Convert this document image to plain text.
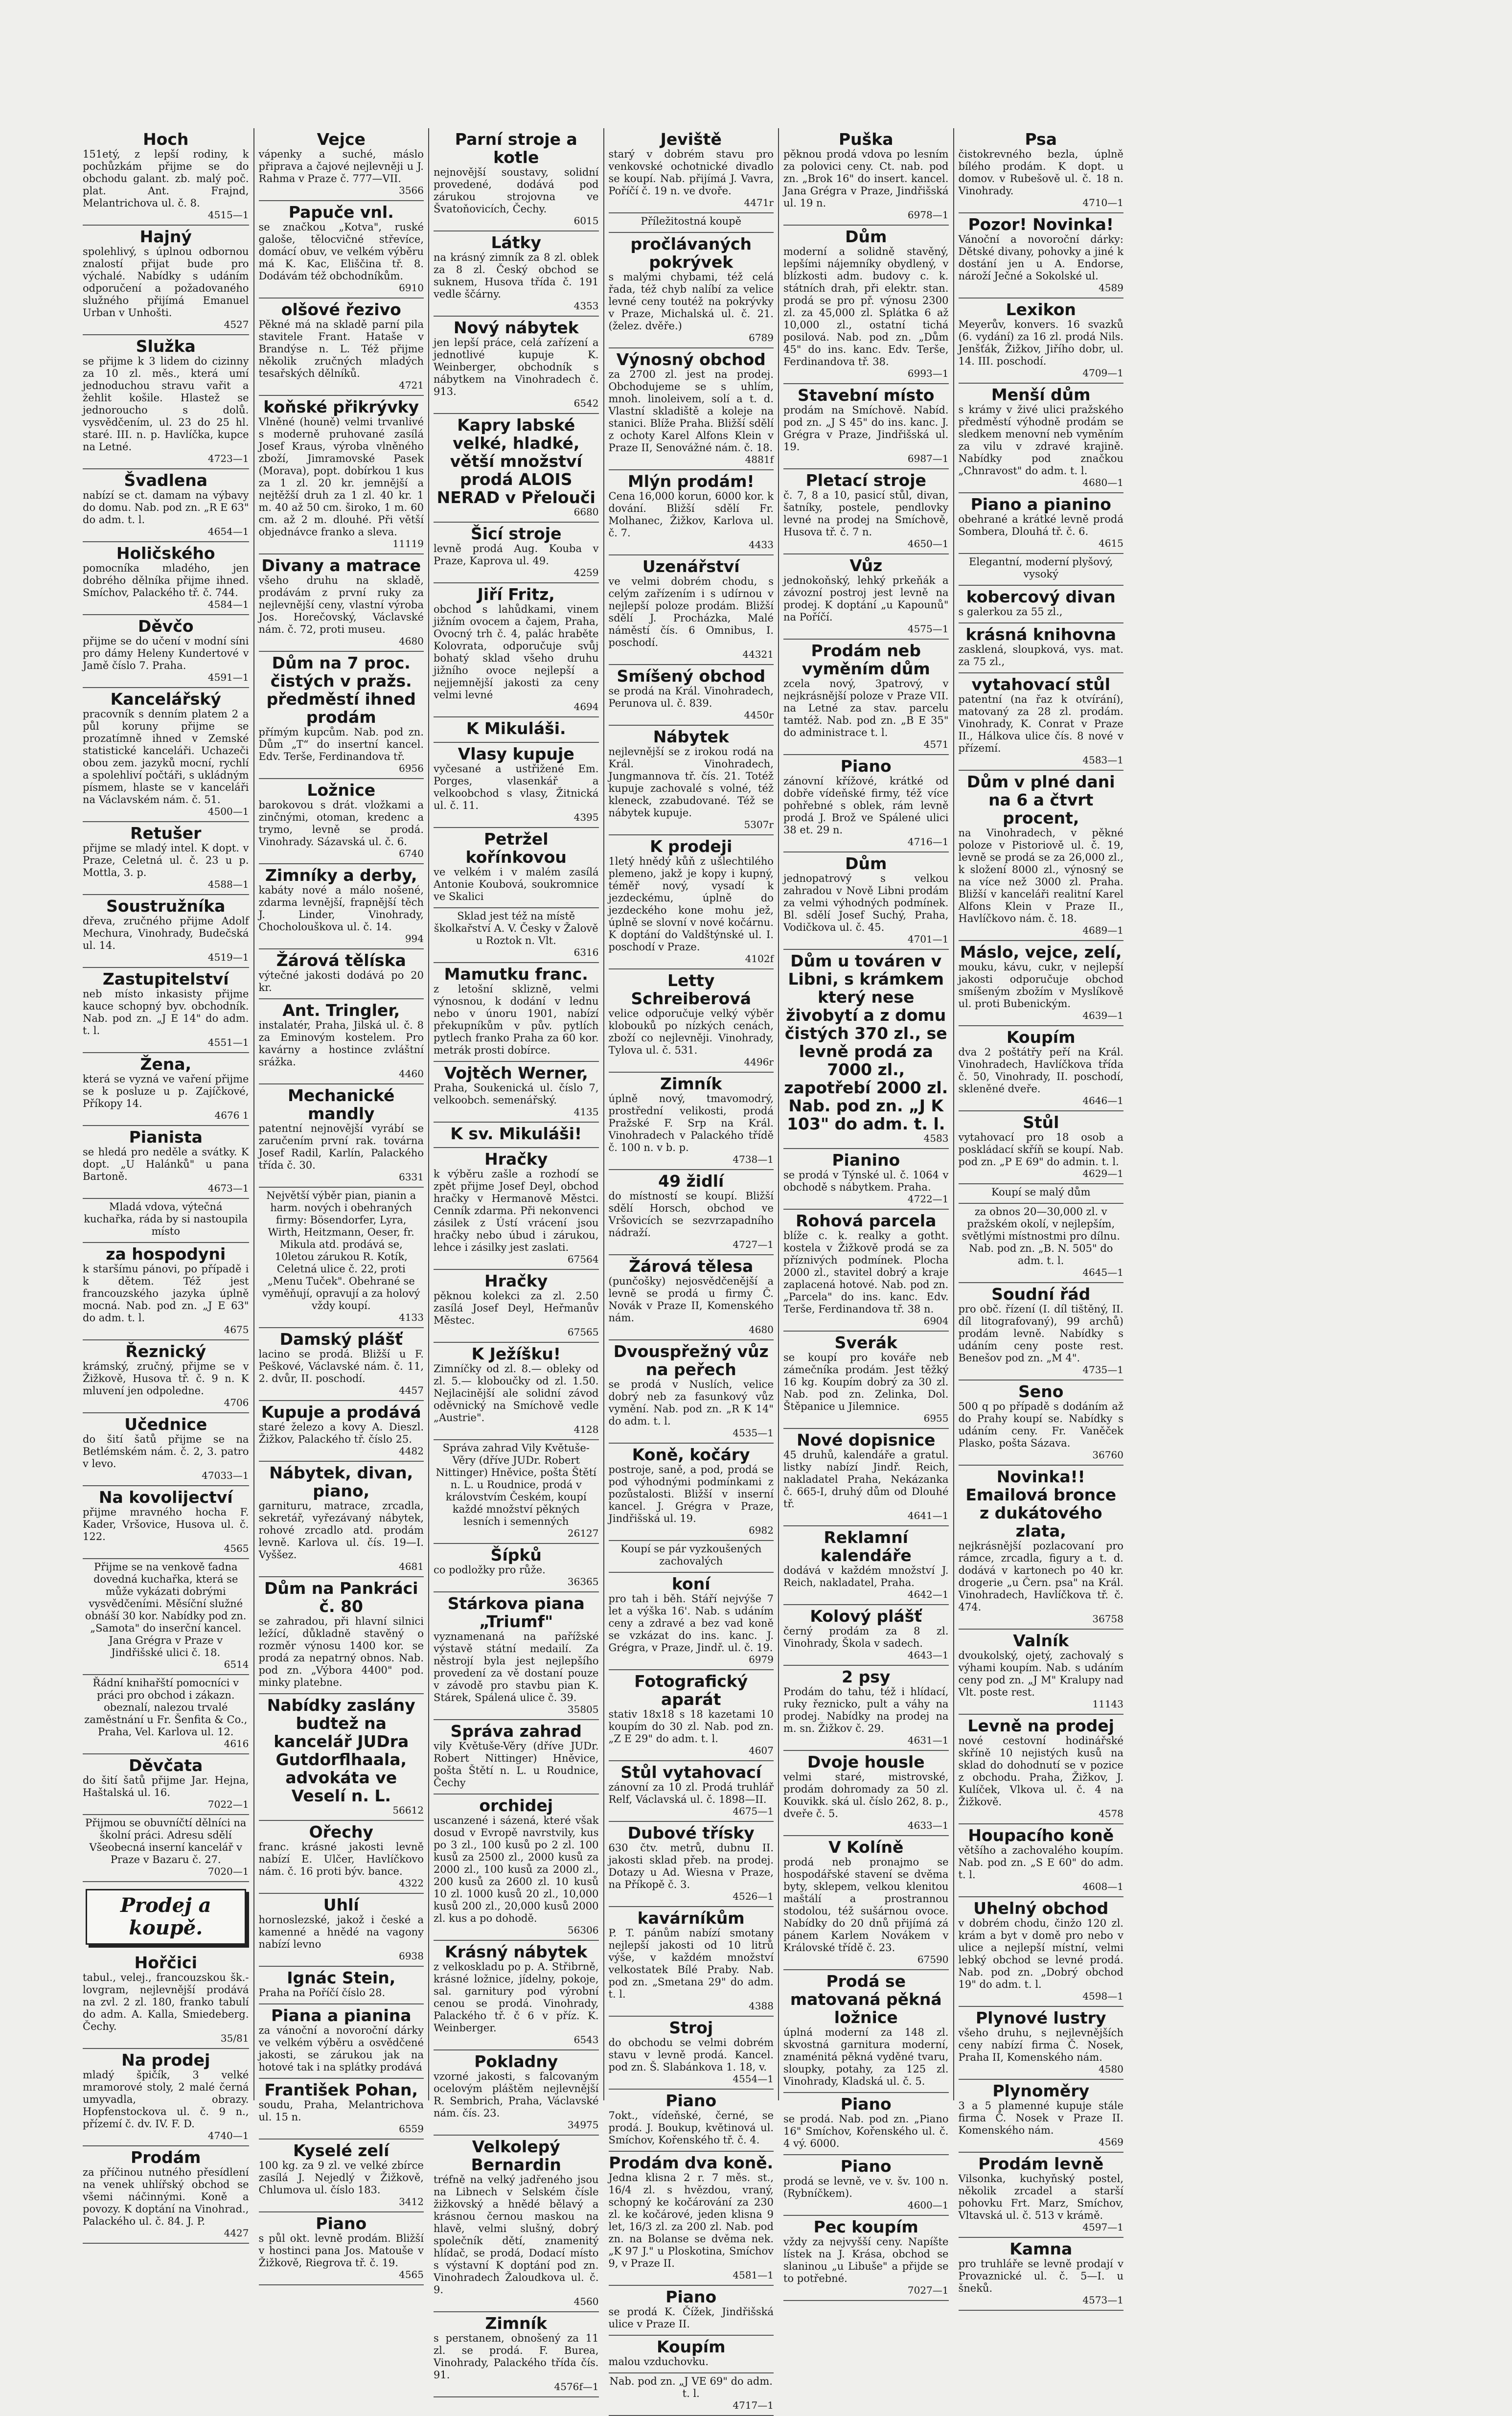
Hoch
151etý, z lepší rodiny, k pochůzkám přijme se do obchodu galant. zb. malý poč. plat. Ant. Frajnd, Melantrichova ul. č. 8.
4515—1
Hajný
spolehlivý, s úplnou odbornou znalostí přijat bude pro výchalé. Nabídky s udáním odporučení a požadovaného služného přijímá Emanuel Urban v Unhošti.
4527
Služka
se přijme k 3 lidem do cizinny za 10 zl. měs., která umí jednoduchou stravu vařit a žehlit košile. Hlastež se jednoroucho s dolů. vysvědčením, ul. 23 do 25 hl. staré. III. n. p. Havlíčka, kupce na Letné.
4723—1
Švadlena
nabízí se ct. damam na výbavy do domu. Nab. pod zn. „R E 63" do adm. t. l.
4654—1
Holičského
pomocníka mladého, jen dobrého dělníka přijme ihned. Smíchov, Palackého tř. č. 744.
4584—1
Děvčo
přijme se do učení v modní síni pro dámy Heleny Kundertové v Jamě číslo 7. Praha.
4591—1
Kancelářský
pracovník s denním platem 2 a půl koruny přijme se prozatímně ihned v Zemské statistické kanceláři. Uchazeči obou zem. jazyků mocní, rychlí a spolehliví počtáři, s ukládným písmem, hlaste se v kanceláři na Václavském nám. č. 51.
4500—1
Retušer
přijme se mladý intel. K dopt. v Praze, Celetná ul. č. 23 u p. Mottla, 3. p.
4588—1
Soustružníka
dřeva, zručného přijme Adolf Mechura, Vinohrady, Budečská ul. 14.
4519—1
Zastupitelství
neb místo inkasisty přijme kauce schopný byv. obchodník. Nab. pod zn. „J E 14" do adm. t. l.
4551—1
Žena,
která se vyzná ve vaření přijme se k posluze u p. Zajíčkové, Příkopy 14.
4676 1
Pianista
se hledá pro neděle a svátky. K dopt. „U Halánků" u pana Bartoně.
4673—1
Mladá vdova, výtečná kuchařka, ráda by si nastoupila místo
za hospodyni
k staršímu pánovi, po případě i k dětem. Též jest francouzského jazyka úplně mocná. Nab. pod zn. „J E 63" do adm. t. l.
4675
Řeznický
krámský, zručný, přijme se v Žižkově, Husova tř. č. 9 n. K mluvení jen odpoledne.
4706
Učednice
do šití šatů přijme se na Betlémském nám. č. 2, 3. patro v levo.
47033—1
Na kovolijectví
přijme mravného hocha F. Kader, Vršovice, Husova ul. č. 122.
4565
Přijme se na venkově ťadna dovedná kuchařka, která se může vykázati dobrými vysvědčeními. Měsíční služné obnáší 30 kor. Nabídky pod zn. „Samota" do inserční kancel. Jana Grégra v Praze v Jindřišské ulici č. 18.
6514
Řádní knihařští pomocníci v práci pro obchod i zákazn. obeznalí, nalezou trvalé zaměstnání u Fr. Šenfita & Co., Praha, Vel. Karlova ul. 12.
4616
Děvčata
do šití šatů přijme Jar. Hejna, Haštalská ul. 16.
7022—1
Přijmou se obuvníčtí dělníci na školní práci. Adresu sdělí Všeobecná inserní kancelář v Praze v Bazaru č. 27.
7020—1
Prodej a koupě.
Hořčici
tabul., velej., francouzskou šk.-lovgram, nejlevnější prodává na zvl. 2 zl. 180, franko tabulí do adm. A. Kalla, Smiedeberg. Čechy.
35/81
Na prodej
mladý špičík, 3 velké mramorové stoly, 2 malé černá umyvadla, obrazy. Hopfenstockova ul. č. 9 n., přízemí č. dv. IV. F. D.
4740—1
Prodám
za příčinou nutného přesídlení na venek uhlířský obchod se všemi náčinnými. Koně a povozy. K doptání na Vinohrad., Palackého ul. č. 84. J. P.
4427
Vejce
vápenky a suché, máslo připrava a čajové nejlevněji u J. Rahma v Praze č. 777—VII.
3566
Papuče vnl.
se značkou „Kotva", ruské galoše, tělocvičné střevíce, domácí obuv, ve velkém výběru má K. Kac, Eliščina tř. 8. Dodávám též obchodníkům.
6910
olšové řezivo
Pěkné má na skladě parní pila stavitele Frant. Hataše v Brandýse n. L. Též přijme několik zručných mladých tesařských dělníků.
4721
koňské přikrývky
Vlněné (houně) velmi trvanlivé s moderně pruhované zasílá Josef Kraus, výroba vlněného zboží, Jimramovské Pasek (Morava), popt. dobírkou 1 kus za 1 zl. 20 kr. jemnější a nejtěžší druh za 1 zl. 40 kr. 1 m. 40 až 50 cm. široko, 1 m. 60 cm. až 2 m. dlouhé. Při větší objednávce franko a sleva.
11119
Divany a matrace
všeho druhu na skladě, prodávám z první ruky za nejlevnější ceny, vlastní výroba Jos. Horečovský, Václavské nám. č. 72, proti museu.
4680
Dům na 7 proc. čistých v pražs. předměstí ihned prodám
přímým kupcům. Nab. pod zn. Dům „T“ do insertní kancel. Edv. Terše, Ferdinandova tř.
6956
Ložnice
barokovou s drát. vložkami a zinčnými, otoman, kredenc a trymo, levně se prodá. Vinohrady. Sázavská ul. č. 6.
6740
Zimníky a derby,
kabáty nové a málo nošené, zdarma levnější, frapnější těch J. Linder, Vinohrady, Chocholouškova ul. č. 14.
994
Žárová tělíska
výtečné jakosti dodává po 20 kr.
Ant. Tringler,
instalatér, Praha, Jilská ul. č. 8 za Eminovým kostelem. Pro kavárny a hostince zvláštní srážka.
4460
Mechanické mandly
patentní nejnovější vyrábí se zaručením první rak. továrna Josef Radil, Karlín, Palackého třída č. 30.
6331
Největší výběr pian, pianin a harm. nových i obehraných firmy: Bösendorfer, Lyra, Wirth, Heitzmann, Oeser, fr. Mikula atd. prodává se, 10letou zárukou R. Kotík, Celetná ulice č. 22, proti „Menu Tuček". Obehrané se vyměňují, opravují a za holový vždy koupí.
4133
Damský plášť
lacino se prodá. Bližší u F. Peškové, Václavské nám. č. 11, 2. dvůr, II. poschodí.
4457
Kupuje a prodává
staré železo a kovy A. Dieszl. Žižkov, Palackého tř. číslo 25.
4482
Nábytek, divan, piano,
garnituru, matrace, zrcadla, sekretář, vyřezávaný nábytek, rohové zrcadlo atd. prodám levně. Karlova ul. čís. 19—I. Vyššez.
4681
Dům na Pankráci č. 80
se zahradou, při hlavní silnici ležící, důkladně stavěný o rozměr výnosu 1400 kor. se prodá za nepatrný obnos. Nab. pod zn. „Výbora 4400" pod. minky platebne.
Nabídky zaslány budtež na kancelář JUDra Gutdorflhaala, advokáta ve Veselí n. L.
56612
Ořechy
franc. krásné jakosti levně nabízí E. Ulčer, Havlíčkovo nám. č. 16 proti býv. bance.
4322
Uhlí
hornoslezské, jakož i české a kamenné a hnědé na vagony nabízí levno
6938
Ignác Stein,
Praha na Poříčí číslo 28.
Piana a pianina
za vánoční a novoroční dárky ve velkém výběru a osvědčené jakosti, se zárukou jak na hotové tak i na splátky prodává
František Pohan,
soudu, Praha, Melantrichova ul. 15 n.
6559
Kyselé zelí
100 kg. za 9 zl. ve velké zbírce zasílá J. Nejedlý v Žižkově, Chlumova ul. číslo 183.
3412
Piano
s půl okt. levně prodám. Bližší v hostinci pana Jos. Matouše v Žižkově, Riegrova tř. č. 19.
4565
Parní stroje a kotle
nejnovější soustavy, solidní provedené, dodává pod zárukou strojovna ve Švatoňovicích, Čechy.
6015
Látky
na krásný zimník za 8 zl. oblek za 8 zl. Český obchod se suknem, Husova třída č. 191 vedle ščárny.
4353
Nový nábytek
jen lepší práce, celá zařízení a jednotlivé kupuje K. Weinberger, obchodník s nábytkem na Vinohradech č. 913.
6542
Kapry labské velké, hladké, větší množství prodá ALOIS NERAD v Přelouči
6680
Šicí stroje
levně prodá Aug. Kouba v Praze, Kaprova ul. 49.
4259
Jiří Fritz,
obchod s lahůdkami, vinem jižním ovocem a čajem, Praha, Ovocný trh č. 4, palác hraběte Kolovrata, odporučuje svůj bohatý sklad všeho druhu jižního ovoce nejlepší a nejjemnější jakosti za ceny velmi levné
4694
K Mikuláši.
Vlasy kupuje
vyčesané a ustřižené Em. Porges, vlasenkář a velkoobchod s vlasy, Žitnická ul. č. 11.
4395
Petržel kořínkovou
ve velkém i v malém zasílá Antonie Koubová, soukromnice ve Skalici
Sklad jest též na místě školkařství A. V. Česky v Žalově u Roztok n. Vlt.
6316
Mamutku franc.
z letošní sklizně, velmi výnosnou, k dodání v lednu nebo v únoru 1901, nabízí překupníkům v pův. pytlích pytlech franko Praha za 60 kor. metrák prosti dobírce.
Vojtěch Werner,
Praha, Soukenická ul. číslo 7, velkoobch. semenářský.
4135
K sv. Mikuláši!
Hračky
k výběru zašle a rozhodí se zpět přijme Josef Deyl, obchod hračky v Hermanově Městci. Cenník zdarma. Při nekonvenci zásilek z Ústí vrácení jsou hračky nebo úbud i zárukou, lehce i zásilky jest zaslati.
67564
Hračky
pěknou kolekci za zl. 2.50 zasílá Josef Deyl, Heřmanův Městec.
67565
K Ježíšku!
Zimníčky od zl. 8.— obleky od zl. 5.— kloboučky od zl. 1.50. Nejlacinější ale solidní závod oděvnický na Smíchově vedle „Austrie".
4128
Správa zahrad Vily Květuše-Věry (dříve JUDr. Robert Nittinger) Hněvice, pošta Štětí n. L. u Roudnice, prodá v královstvím Českém, koupí každé množství pěkných lesních i semenných
26127
Šípků
co podložky pro růže.
36365
Stárkova piana „Triumf"
vyznamenaná na pařížské výstavě státní medailí. Za něstrojí byla jest nejlepšího provedení za vě dostaní pouze v závodě pro stavbu pian K. Stárek, Spálená ulice č. 39.
35805
Správa zahrad
vily Květuše-Věry (dříve JUDr. Robert Nittinger) Hněvice, pošta Štětí n. L. u Roudnice, Čechy
orchidej
uscanzené i sázená, které však dosud v Evropě navrstvily, kus po 3 zl., 100 kusů po 2 zl. 100 kusů za 2500 zl., 2000 kusů za 2000 zl., 100 kusů za 2000 zl., 200 kusů za 2600 zl. 10 kusů 10 zl. 1000 kusů 20 zl., 10,000 kusů 200 zl., 20,000 kusů 2000 zl. kus a po dohodě.
56306
Krásný nábytek
z velkoskladu po p. A. Střibrně, krásné ložnice, jídelny, pokoje, sal. garnitury pod výrobní cenou se prodá. Vinohrady, Palackého tř. č 6 v příz. K. Weinberger.
6543
Pokladny
vzorné jakosti, s falcovaným ocelovým pláštěm nejlevnější R. Sembrich, Praha, Václavské nám. čís. 23.
34975
Velkolepý Bernardin
tréfně na velký jadřeného jsou na Libnech v Selském čísle žižkovský a hnědé bělavý a krásnou černou maskou na hlavě, velmi slušný, dobrý společník dětí, znamenitý hlídač, se prodá, Dodací místo s výstavní K doptání pod zn. Vinohradech Žaloudkova ul. č. 9.
4560
Zimník
s perstanem, obnošený za 11 zl. se prodá. F. Burea, Vinohrady, Palackého třída čís. 91.
4576f—1
Jeviště
starý v dobrém stavu pro venkovské ochotnické divadlo se koupí. Nab. přijímá J. Vavra, Poříčí č. 19 n. ve dvoře.
4471r
Příležitostná koupě
pročlávaných pokrývek
s malými chybami, též celá řada, též chyb nalíbí za velice levné ceny toutéž na pokrývky v Praze, Michalská ul. č. 21. (želez. dvěře.)
6789
Výnosný obchod
za 2700 zl. jest na prodej. Obchodujeme se s uhlím, mnoh. linoleivem, solí a t. d. Vlastní skladiště a koleje na stanici. Blíže Praha. Bližší sdělí z ochoty Karel Alfons Klein v Praze II, Senovážné nám. č. 18.
4881f
Mlýn prodám!
Cena 16,000 korun, 6000 kor. k dování. Bližší sdělí Fr. Molhanec, Žižkov, Karlova ul. č. 7.
4433
Uzenářství
ve velmi dobrém chodu, s celým zařízením i s udírnou v nejlepší poloze prodám. Bližší sdělí J. Procházka, Malé náměstí čís. 6 Omnibus, I. poschodí.
44321
Smíšený obchod
se prodá na Král. Vinohradech, Perunova ul. č. 839.
4450r
Nábytek
nejlevnější se z irokou rodá na Král. Vinohradech, Jungmannova tř. čís. 21. Totéž kupuje zachovalé s volné, též kleneck, zzabudované. Též se nábytek kupuje.
5307r
K prodeji
1letý hnědý kůň z ušlechtilého plemeno, jakž je kopy i kupný, téměř nový, vysadí k jezdeckému, úplně do jezdeckého kone mohu jež, úplně se slovní v nové kočárnu. K doptání do Valdštýnské ul. I. poschodí v Praze.
4102f
Letty Schreiberová
velice odporučuje velký výběr klobouků po nízkých cenách, zboží co nejlevněji. Vinohrady, Tylova ul. č. 531.
4496r
Zimník
úplně nový, tmavomodrý, prostřední velikosti, prodá Pražské F. Srp na Král. Vinohradech v Palackého třídě č. 100 n. v b. p.
4738—1
49 židlí
do místností se koupí. Bližší sdělí Horsch, obchod ve Vršovicích se sezvrzapadního nádraží.
4727—1
Žárová tělesa
(punčošky) nejosvědčenější a levně se prodá u firmy Č. Novák v Praze II, Komenského nám.
4680
Dvouspřežný vůz na peřech
se prodá v Nuslích, velice dobrý neb za fasunkový vůz vymění. Nab. pod zn. „R K 14" do adm. t. l.
4535—1
Koně, kočáry
postroje, saně, a pod, prodá se pod výhodnými podmínkami z pozůstalosti. Bližší v inserní kancel. J. Grégra v Praze, Jindřišská ul. 19.
6982
Koupí se pár vyzkoušených zachovalých
koní
pro tah i běh. Stáří nejvýše 7 let a výška 16'. Nab. s udáním ceny a zdravé a bez vad koně se vzkázat do ins. kanc. J. Grégra, v Praze, Jindř. ul. č. 19.
6979
Fotografický aparát
stativ 18x18 s 18 kazetami 10 koupím do 30 zl. Nab. pod zn. „Z E 29" do adm. t. l.
4607
Stůl vytahovací
zánovní za 10 zl. Prodá truhlář Relf, Václavská ul. č. 1898—II.
4675—1
Dubové třísky
630 čtv. metrů, dubnu II. jakosti sklad přeb. na prodej. Dotazy u Ad. Wiesna v Praze, na Příkopě č. 3.
4526—1
kavárníkům
P. T. pánům nabízí smotany nejlepší jakosti od 10 litrů výše, v každém množství velkostatek Bílé Praby. Nab. pod zn. „Smetana 29" do adm. t. l.
4388
Stroj
do obchodu se velmi dobrém stavu v levně prodá. Kancel. pod zn. Š. Slabánkova 1. 18, v.
4554—1
Piano
7okt., vídeňské, černé, se prodá. J. Boukup, květinová ul. Smíchov, Kořenského tř. č. 4.
Prodám dva koně.
Jedna klisna 2 r. 7 měs. st., 16/4 zl. s hvězdou, vraný, schopný ke kočárování za 230 zl. ke kočárové, jeden klisna 9 let, 16/3 zl. za 200 zl. Nab. pod zn. na Bolanse se dvěma nek. „K 97 J." u Ploskotina, Smíchov 9, v Praze II.
4581—1
Piano
se prodá K. Čížek, Jindřišská ulice v Praze II.
Koupím
malou vzduchovku.
Nab. pod zn. „J VE 69" do adm. t. l.
4717—1
Puška
pěknou prodá vdova po lesním za polovici ceny. Ct. nab. pod zn. „Brok 16" do insert. kancel. Jana Grégra v Praze, Jindřišská ul. 19 n.
6978—1
Dům
moderní a solidně stavěný, lepšími nájemníky obydlený, v blízkosti adm. budovy c. k. státních drah, při elektr. stan. prodá se pro př. výnosu 2300 zl. za 45,000 zl. Splátka 6 až 10,000 zl., ostatní tichá posilová. Nab. pod zn. „Dům 45" do ins. kanc. Edv. Terše, Ferdinandova tř. 38.
6993—1
Stavební místo
prodám na Smíchově. Nabíd. pod zn. „J S 45" do ins. kanc. J. Grégra v Praze, Jindřišská ul. 19.
6987—1
Pletací stroje
č. 7, 8 a 10, pasicí stůl, divan, šatníky, postele, pendlovky levné na prodej na Smíchově, Husova tř. č. 7 n.
4650—1
Vůz
jednokoňský, lehký prkeňák a závozní postroj jest levně na prodej. K doptání „u Kapounů" na Poříčí.
4575—1
Prodám neb vyměním dům
zcela nový, 3patrový, v nejkrásnější poloze v Praze VII. na Letné za stav. parcelu tamtéž. Nab. pod zn. „B E 35" do administrace t. l.
4571
Piano
zánovní křížové, krátké od dobře vídeňské firmy, též více pohřebné s oblek, rám levně prodá J. Brož ve Spálené ulici 38 et. 29 n.
4716—1
Dům
jednopatrový s velkou zahradou v Nově Libni prodám za velmi výhodných podmínek. Bl. sdělí Josef Suchý, Praha, Vodičkova ul. č. 45.
4701—1
Dům u továren v Libni, s krámkem který nese živobytí a z domu čistých 370 zl., se levně prodá za 7000 zl., zapotřebí 2000 zl. Nab. pod zn. „J K 103" do adm. t. l.
4583
Pianino
se prodá v Týnské ul. č. 1064 v obchodě s nábytkem. Praha.
4722—1
Rohová parcela
blíže c. k. realky a gotht. kostela v Žižkově prodá se za příznivých podmínek. Plocha 2000 zl., stavitel dobrý a kraje zaplacená hotové. Nab. pod zn. „Parcela" do ins. kanc. Edv. Terše, Ferdinandova tř. 38 n.
6904
Sverák
se koupí pro kováře neb zámečníka prodám. Jest těžký 16 kg. Koupím dobrý za 30 zl. Nab. pod zn. Zelinka, Dol. Štěpanice u Jilemnice.
6955
Nové dopisnice
45 druhů, kalendáře a gratul. listky nabízí Jindř. Reich, nakladatel Praha, Nekázanka č. 665-I, druhý dům od Dlouhé tř.
4641—1
Reklamní kalendáře
dodává v každém množství J. Reich, nakladatel, Praha.
4642—1
Kolový plášť
černý prodám za 8 zl. Vinohrady, Škola v sadech.
4643—1
2 psy
Prodám do tahu, též i hlídací, ruky řeznicko, pult a váhy na prodej. Nabídky na prodej na m. sn. Žižkov č. 29.
4631—1
Dvoje housle
velmi staré, mistrovské, prodám dohromady za 50 zl. Kouvikk. ská ul. číslo 262, 8. p., dveře č. 5.
4633—1
V Kolíně
prodá neb pronajmo se hospodářské stavení se dvěma byty, sklepem, velkou klenitou maštálí a prostrannou stodolou, též sušárnou ovoce. Nabídky do 20 dnů přijímá zá pánem Karlem Novákem v Královské třídě č. 23.
67590
Prodá se matovaná pěkná ložnice
úplná moderní za 148 zl. skvostná garnitura moderní, znaménitá pěkná vyděné tvaru, sloupky, potahy, za 125 zl. Vinohrady, Kladská ul. č. 5.
Piano
se prodá. Nab. pod zn. „Piano 16" Smíchov, Kořenského ul. č. 4 vý. 6000.
Piano
prodá se levně, ve v. šv. 100 n. (Rybníčkem).
4600—1
Pec koupím
vždy za nejvyšší ceny. Napíšte lístek na J. Krása, obchod se slaninou „u Libuše" a přijde se to potřebné.
7027—1
Psa
čistokrevného bezla, úplně bílého prodám. K dopt. u domov. v Rubešově ul. č. 18 n. Vinohrady.
4710—1
Pozor! Novinka!
Vánoční a novoroční dárky: Dětské divany, pohovky a jiné k dostání jen u A. Endorse, nároží Ječné a Sokolské ul.
4589
Lexikon
Meyerův, konvers. 16 svazků (6. vydání) za 16 zl. prodá Nils. Jenšťák, Žižkov, Jiřího dobr, ul. 14. III. poschodí.
4709—1
Menší dům
s krámy v živé ulici pražského předměstí výhodně prodám se sledkem menovní neb vyměním za vilu v zdravé krajině. Nabídky pod značkou „Chnravost" do adm. t. l.
4680—1
Piano a pianino
obehrané a krátké levně prodá Sombera, Dlouhá tř. č. 6.
4615
Elegantní, moderní plyšový, vysoký
kobercový divan
s galerkou za 55 zl.,
krásná knihovna
zasklená, sloupková, vys. mat. za 75 zl.,
vytahovací stůl
patentní (na řaz k otvírání), matovaný za 28 zl. prodám. Vinohrady, K. Conrat v Praze II., Hálkova ulice čís. 8 nové v přízemí.
4583—1
Dům v plné dani na 6 a čtvrt procent,
na Vinohradech, v pěkné poloze v Pistoriově ul. č. 19, levně se prodá se za 26,000 zl., k složení 8000 zl., výnosný se na více než 3000 zl. Praha. Bližší v kanceláři realitní Karel Alfons Klein v Praze II., Havlíčkovo nám. č. 18.
4689—1
Máslo, vejce, zelí,
mouku, kávu, cukr, v nejlepší jakosti odporučuje obchod smíšeným zbožím v Myslíkově ul. proti Bubenickým.
4639—1
Koupím
dva 2 poštátřy peří na Král. Vinohradech, Havlíčkova třída č. 50, Vinohrady, II. poschodí, skleněné dveře.
4646—1
Stůl
vytahovací pro 18 osob a poskládací skříň se koupí. Nab. pod zn. „P E 69" do admin. t. l.
4629—1
Koupí se malý dům
za obnos 20—30,000 zl. v pražském okolí, v nejlepším, světlými místnostmi pro dílnu. Nab. pod zn. „B. N. 505" do adm. t. l.
4645—1
Soudní řád
pro obč. řízení (I. díl tištěný, II. díl litografovaný), 99 archů) prodám levně. Nabídky s udáním ceny poste rest. Benešov pod zn. „M 4".
4735—1
Seno
500 q po případě s dodáním až do Prahy koupí se. Nabídky s udáním ceny. Fr. Vaněček Plasko, pošta Sázava.
36760
Novinka!! Emailová bronce z dukátového zlata,
nejkrásnější pozlacovaní pro rámce, zrcadla, figury a t. d. dodává v kartonech po 40 kr. drogerie „u Čern. psa" na Král. Vinohradech, Havlíčkova tř. č. 474.
36758
Valník
dvoukolský, ojetý, zachovalý s výhami koupím. Nab. s udáním ceny pod zn. „J M" Kralupy nad Vlt. poste rest.
11143
Levně na prodej
nové cestovní hodinářské skříně 10 nejistých kusů na sklad do dohodnutí se v pozice z obchodu. Praha, Žižkov, J. Kulíček, Vlkova ul. č. 4 na Žižkově.
4578
Houpacího koně
většího a zachovalého koupím. Nab. pod zn. „S E 60" do adm. t. l.
4608—1
Uhelný obchod
v dobrém chodu, činžo 120 zl. krám a byt v domě pro nebo v ulice a nejlepší místní, velmi lebký obchod se levné prodá. Nab. pod zn. „Dobrý obchod 19" do adm. t. l.
4598—1
Plynové lustry
všeho druhu, s nejlevnějších ceny nabízí firma Č. Nosek, Praha II, Komenského nám.
4580
Plynoměry
3 a 5 plamenné kupuje stále firma Č. Nosek v Praze II. Komenského nám.
4569
Prodám levně
Vilsonka, kuchyňský postel, několik zrcadel a starší pohovku Frt. Marz, Smíchov, Vltavská ul. č. 513 v krámě.
4597—1
Kamna
pro truhláře se levně prodají v Provaznické ul. č. 5—I. u šneků.
4573—1
